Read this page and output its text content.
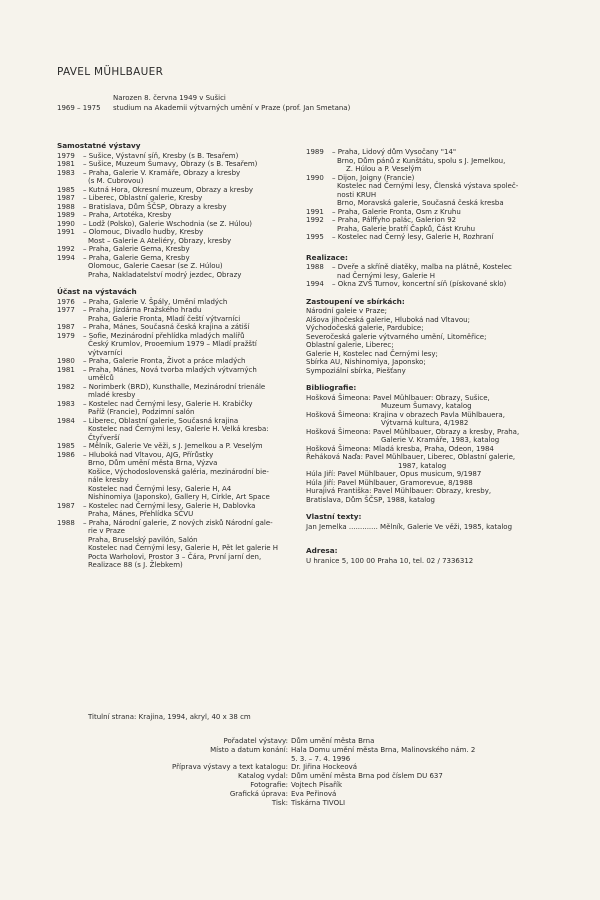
PAVEL MÜHLBAUER
Narozen 8. června 1949 v Sušici
1969 – 1975	studium na Akademii výtvarných umění v Praze (prof. Jan Smetana)
Samostatné výstavy
1979	– Sušice, Výstavní síň, Kresby (s B. Tesařem)
1981	– Sušice, Muzeum Šumavy, Obrazy (s B. Tesařem)
1983	– Praha, Galerie V. Kramáře, Obrazy a kresby
(s M. Cubrovou)
1985	– Kutná Hora, Okresní muzeum, Obrazy a kresby
1987	– Liberec, Oblastní galerie, Kresby
1988	– Bratislava, Dům ŠČSP, Obrazy a kresby
1989	– Praha, Artotéka, Kresby
1990	– Lodž (Polsko), Galerie Wschodnia (se Z. Húlou)
1991	– Olomouc, Divadlo hudby, Kresby
Most – Galerie A Ateliéry, Obrazy, kresby
1992	– Praha, Galerie Gema, Kresby
1994	– Praha, Galerie Gema, Kresby
Olomouc, Galerie Caesar (se Z. Húlou)
Praha, Nakladatelství modrý jezdec, Obrazy
Účast na výstavách
1976	– Praha, Galerie V. Špály, Umění mladých
1977	– Praha, Jízdárna Pražského hradu
Praha, Galerie Fronta, Mladí čeští výtvarníci
1987	– Praha, Mánes, Současná česká krajina a zátiší
1979	– Sofie, Mezinárodní přehlídka mladých malířů
Český Krumlov, Prooemium 1979 – Mladí pražští
výtvarníci
1980	– Praha, Galerie Fronta, Život a práce mladých
1981	– Praha, Mánes, Nová tvorba mladých výtvarných
umělců
1982	– Norimberk (BRD), Kunsthalle, Mezinárodní trienále
mladé kresby
1983	– Kostelec nad Černými lesy, Galerie H. Krabičky
Paříž (Francie), Podzimní salón
1984	– Liberec, Oblastní galerie, Současná krajina
Kostelec nad Černými lesy, Galerie H. Velká kresba:
Čtyřverší
1985	– Mělník, Galerie Ve věži, s J. Jemelkou a P. Veselým
1986	– Hluboká nad Vltavou, AJG, Přírůstky
Brno, Dům umění města Brna, Výzva
Košice, Východoslovenská galéria, mezinárodní bie-
nále kresby
Kostelec nad Černými lesy, Galerie H, A4
Nishinomiya (Japonsko), Gallery H, Cirkle, Art Space
1987	– Kostelec nad Černými lesy, Galerie H, Dablovka
Praha, Mánes, Přehlídka SČVU
1988	– Praha, Národní galerie, Z nových zisků Národní gale-
rie v Praze
Praha, Bruselský pavilón, Salón
Kostelec nad Černými lesy, Galerie H, Pět let galerie H
Pocta Warholovi, Prostor 3 – Čára, První jarní den,
Realizace 88 (s J. Žlebkem)
1989	– Praha, Lidový dům Vysočany "14"
Brno, Dům pánů z Kunštátu, spolu s J. Jemelkou,
Z. Húlou a P. Veselým
1990	– Dijon, Joigny (Francie)
Kostelec nad Černými lesy, Členská výstava společ-
nosti KRUH
Brno, Moravská galerie, Současná česká kresba
1991	– Praha, Galerie Fronta, Osm z Kruhu
1992	– Praha, Pálffyho palác, Galerion 92
Praha, Galerie bratří Čapků, Část Kruhu
1995	– Kostelec nad Černý lesy, Galerie H, Rozhraní
Realizace:
1988	– Dveře a skříně diatěky, malba na plátně, Kostelec
nad Černými lesy, Galerie H
1994	– Okna ZVŠ Turnov, koncertní síň (pískované sklo)
Zastoupení ve sbírkách:
Národní galeie v Praze;
Alšova jihočeská galerie, Hluboká nad Vltavou;
Východočeská galerie, Pardubice;
Severočeská galerie výtvarného umění, Litoměřice;
Oblastní galerie, Liberec;
Galerie H, Kostelec nad Černými lesy;
Sbírka AU, Nishinomiya, Japonsko;
Sympoziální sbírka, Piešťany
Bibliografie:
Hošková Šimeona: Pavel Mühlbauer: Obrazy, Sušice,
Muzeum Šumavy, katalog
Hošková Šimeona: Krajina v obrazech Pavla Mühlbauera,
Výtvarná kultura, 4/1982
Hošková Šimeona: Pavel Mühlbauer, Obrazy a kresby, Praha,
Galerie V. Kramáře, 1983, katalog
Hošková Šimeona: Mladá kresba, Praha, Odeon, 1984
Řeháková Naďa: Pavel Mühlbauer, Liberec, Oblastní galerie,
1987, katalog
Húla Jiří: Pavel Mühlbauer, Opus musicum, 9/1987
Húla Jiří: Pavel Mühlbauer, Gramorevue, 8/1988
Hurajivá Františka: Pavel Mühlbauer: Obrazy, kresby,
Bratislava, Dům ŠČSP, 1988, katalog
Vlastní texty:
Jan Jemelka ............. Mělník, Galerie Ve věži, 1985, katalog
Adresa:
U hranice 5, 100 00 Praha 10, tel. 02 / 7336312
Titulní strana: Krajina, 1994, akryl, 40 x 38 cm
Pořadatel výstavy: Dům umění města Brna
Místo a datum konání: Hala Domu umění města Brna, Malinovského nám. 2
5. 3. – 7. 4. 1996
Příprava výstavy a text katalogu: Dr. Jiřina Hockeová
Katalog vydal: Dům umění města Brna pod číslem DU 637
Fotografie: Vojtech Písařík
Grafická úprava: Eva Peřinová
Tisk: Tiskárna TIVOLI
